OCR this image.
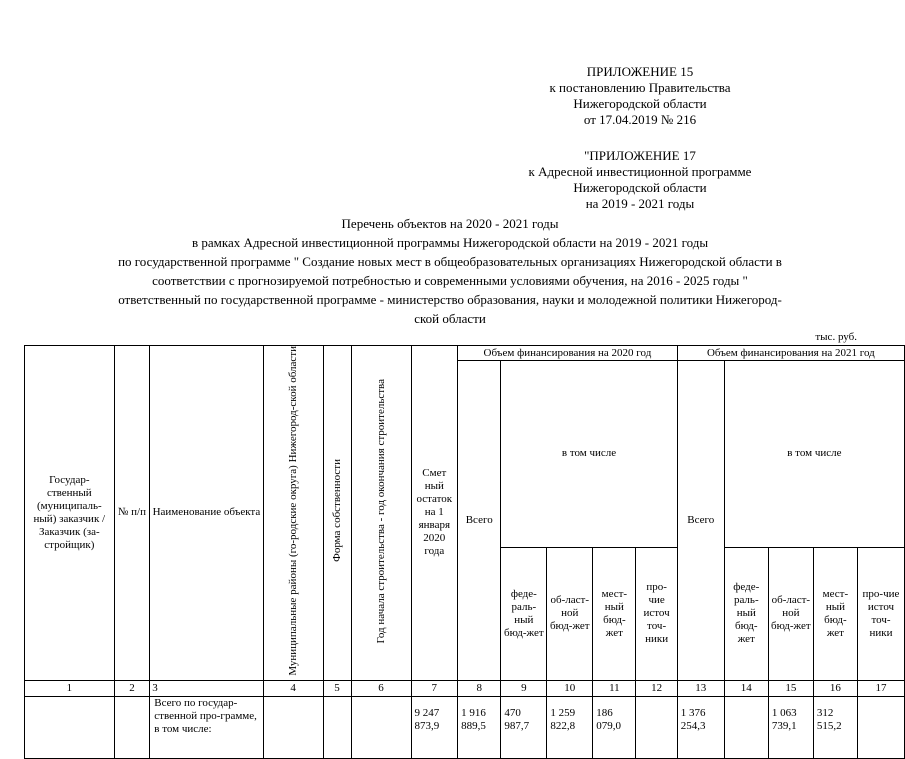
ПРИЛОЖЕНИЕ 15
к постановлению Правительства
Нижегородской области
от 17.04.2019 № 216
"ПРИЛОЖЕНИЕ 17
к Адресной инвестиционной программе
Нижегородской области
на 2019 - 2021 годы
Перечень объектов на 2020 - 2021 годы
в рамках Адресной инвестиционной программы Нижегородской области на 2019 - 2021 годы
по государственной программе " Создание новых мест в общеобразовательных организациях Нижегородской области в
соответствии с прогнозируемой потребностью и современными условиями обучения, на 2016 - 2025 годы "
ответственный по государственной программе - министерство образования, науки и молодежной политики Нижегород-
ской области
тыс. руб.
Государ-ственный (муниципаль-ный) заказчик / Заказчик (за-стройщик)	№ п/п	Наименование объекта	Муниципальные районы (го-родские округа) Нижегород-ской области	Форма собственности	Год начала строительства - год окончания строительства	Смет ный остаток на 1 января 2020 года	Объем финансирования на 2020 год					Объем финансирования на 2021 год				
							Всего	в том числе				Всего	в том числе			
								феде-раль-ный бюд-жет	об-ласт-ной бюд-жет	мест-ный бюд-жет	про-чие источ точ-ники		феде-раль-ный бюд-жет	об-ласт-ной бюд-жет	мест-ный бюд-жет	про-чие источ точ-ники
1	2	3	4	5	6	7	8	9	10	11	12	13	14	15	16	17
		Всего по государ-ственной про-грамме, в том числе:				9 247 873,9	1 916 889,5	470 987,7	1 259 822,8	186 079,0		1 376 254,3		1 063 739,1	312 515,2	
